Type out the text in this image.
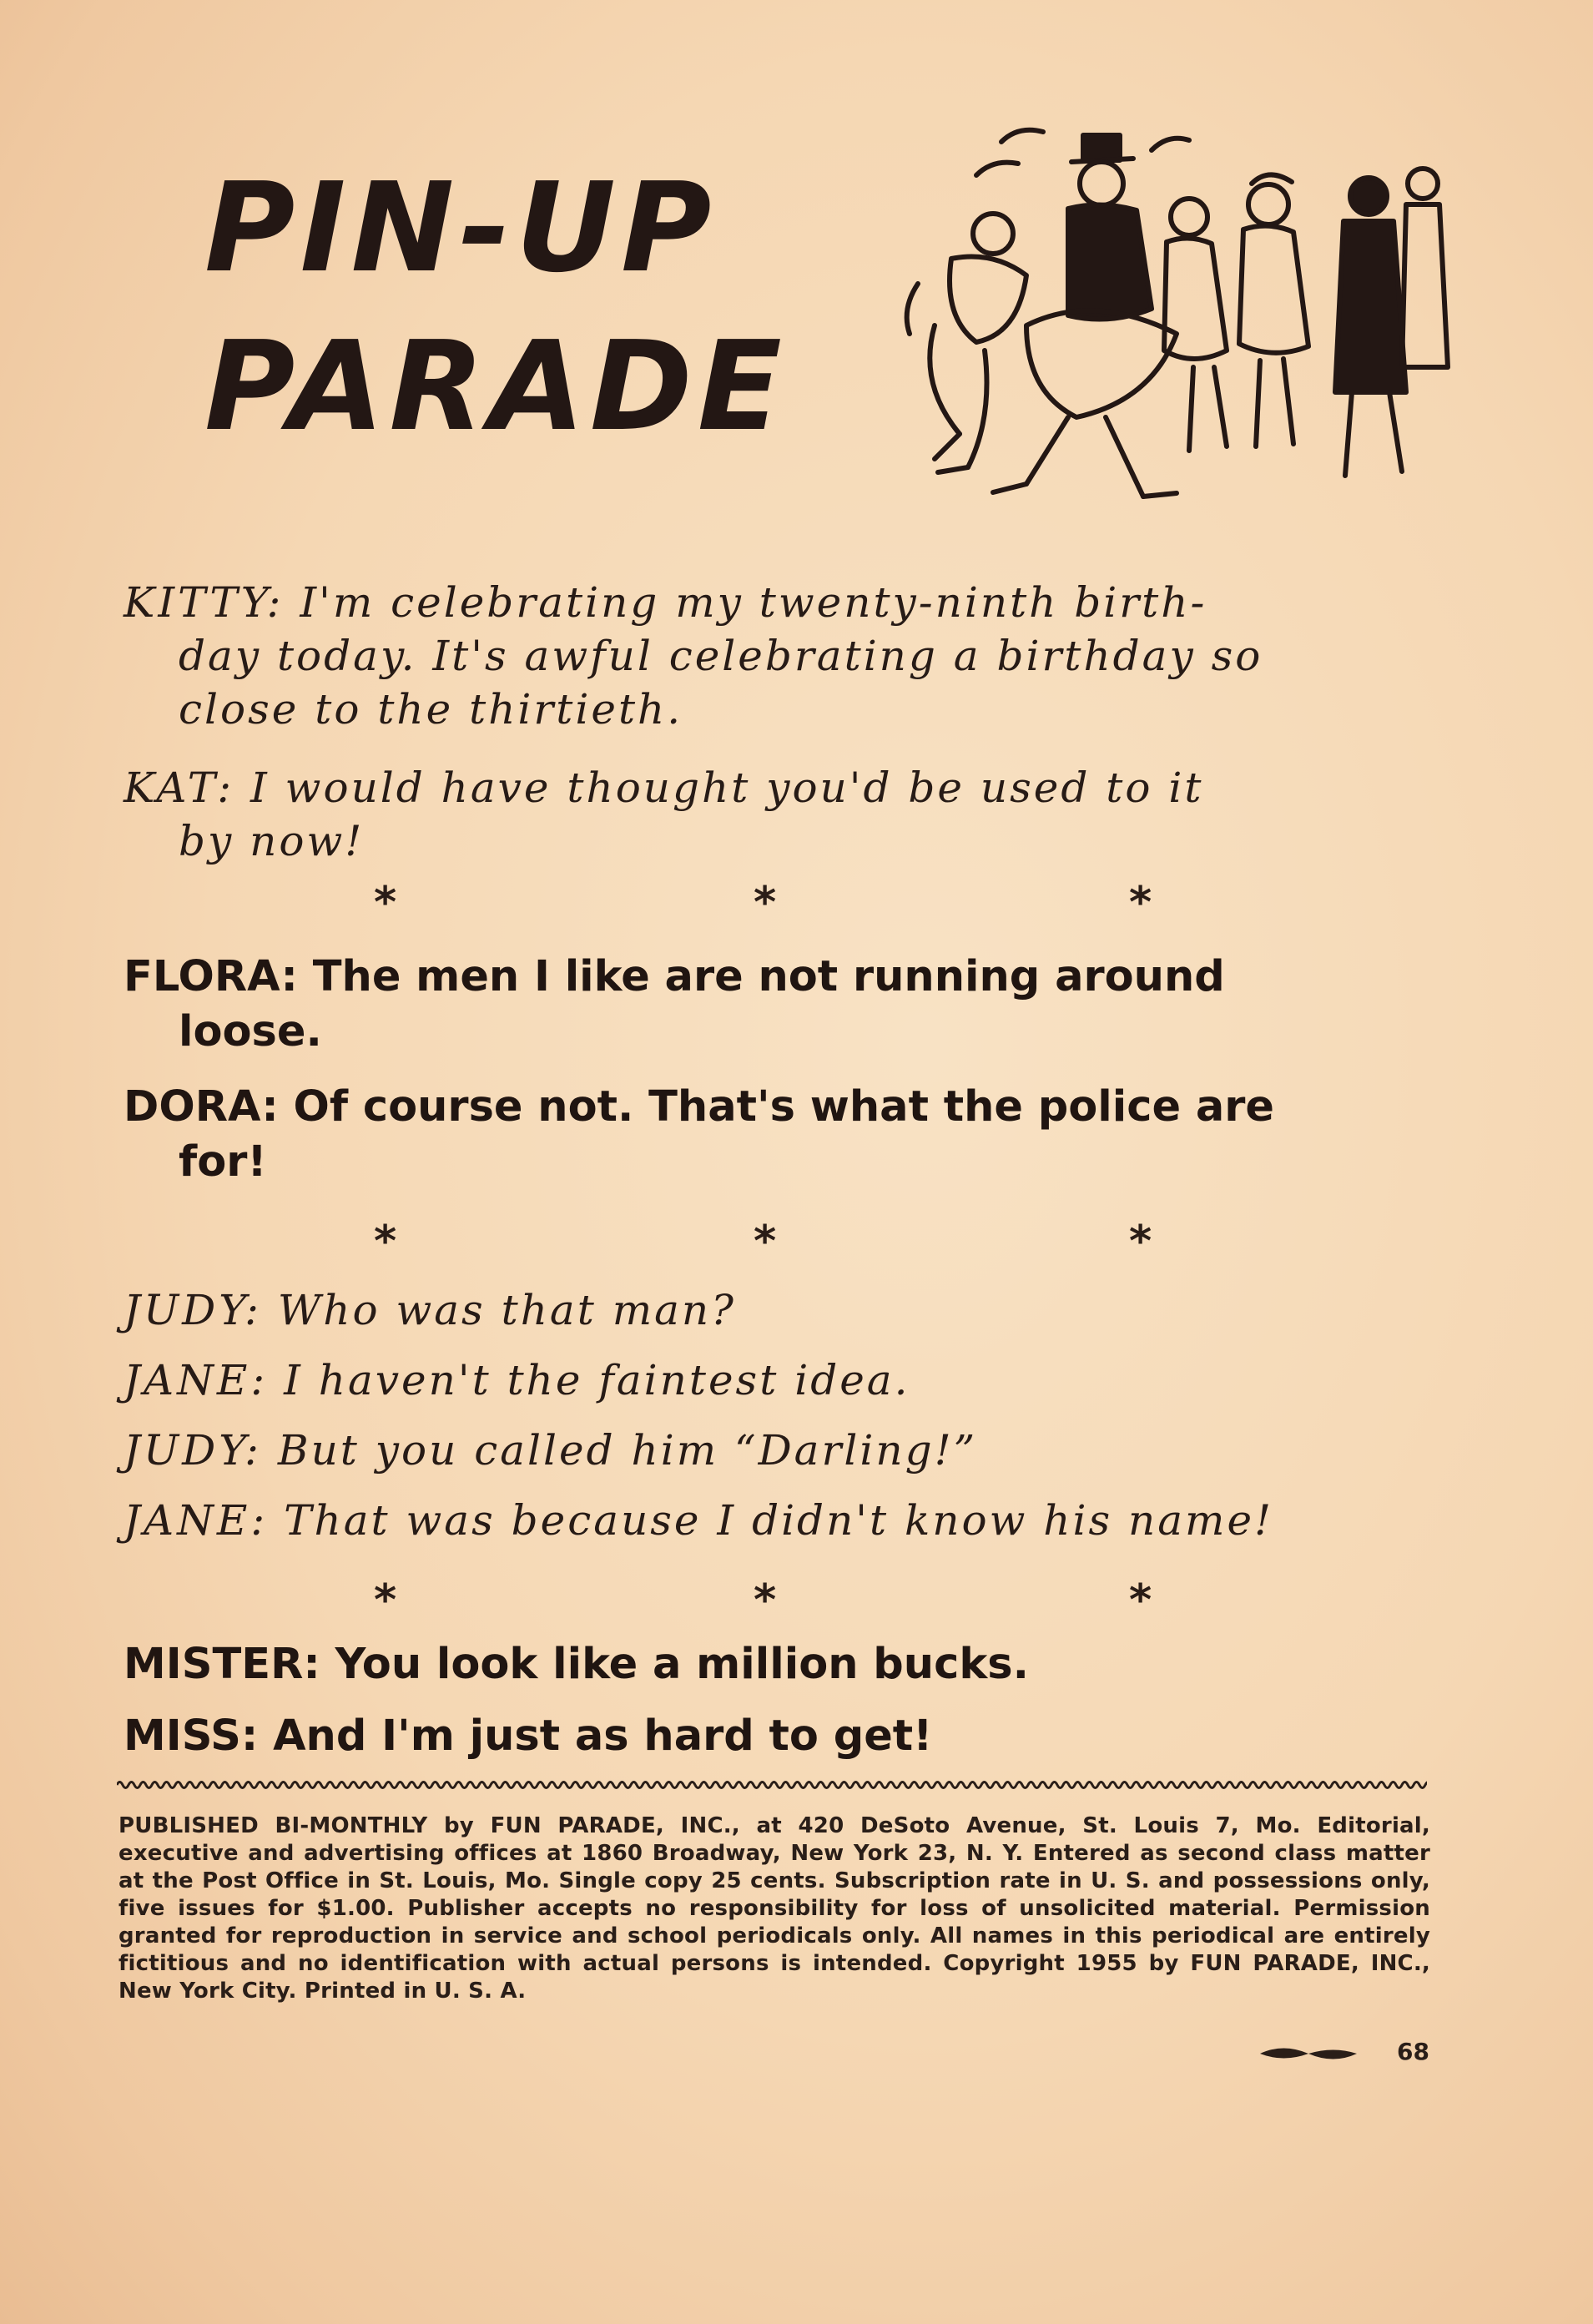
PIN-UP
PARADE
KITTY: I'm celebrating my twenty-ninth birth-
day today. It's awful celebrating a birthday so
close to the thirtieth.
KAT: I would have thought you'd be used to it
by now!
*	*	*
FLORA: The men I like are not running around
loose.
DORA: Of course not. That's what the police are
for!
*	*	*
JUDY: Who was that man?
JANE: I haven't the faintest idea.
JUDY: But you called him “Darling!”
JANE: That was because I didn't know his name!
*	*	*
MISTER: You look like a million bucks.
MISS: And I'm just as hard to get!
PUBLISHED BI-MONTHLY by FUN PARADE, INC., at 420 DeSoto Avenue, St. Louis 7, Mo. Editorial, executive and advertising offices at 1860 Broadway, New York 23, N. Y. Entered as second class matter at the Post Office in St. Louis, Mo. Single copy 25 cents. Subscription rate in U. S. and possessions only, five issues for $1.00. Publisher accepts no responsibility for loss of unsolicited material. Permission granted for reproduction in service and school periodicals only. All names in this periodical are entirely fictitious and no identification with actual persons is intended. Copyright 1955 by FUN PARADE, INC., New York City. Printed in U. S. A.
68
